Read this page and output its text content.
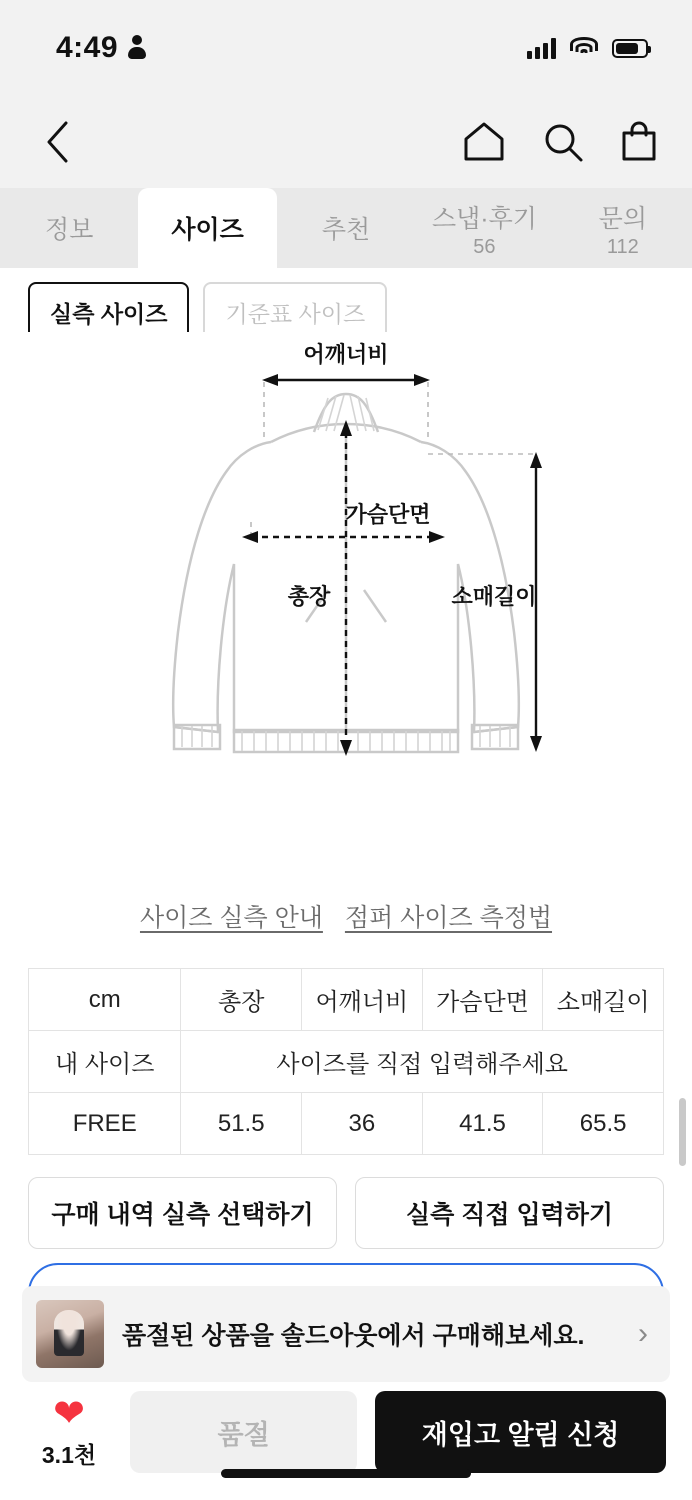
4:49
정보	사이즈	추천 스냅·후기
56
문의
112
실측 사이즈	기준표 사이즈
어깨너비
가슴단면
총장	소매길이
사이즈 실측 안내 점퍼 사이즈 측정법
cm	총장	어깨너비	가슴단면	소매길이
내 사이즈	사이즈를 직접 입력해주세요			
FREE	51.5	36	41.5	65.5
구매 내역 실측 선택하기	실측 직접 입력하기
품절된 상품을 솔드아웃에서 구매해보세요.	›
❤
3.1천
품절	재입고 알림 신청
